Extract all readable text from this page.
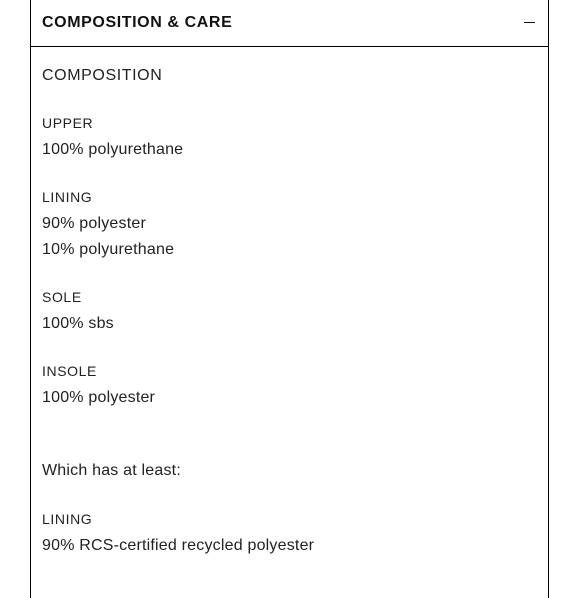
COMPOSITION & CARE
COMPOSITION
UPPER
100% polyurethane
LINING
90% polyester
10% polyurethane
SOLE
100% sbs
INSOLE
100% polyester
Which has at least:
LINING
90% RCS-certified recycled polyester
